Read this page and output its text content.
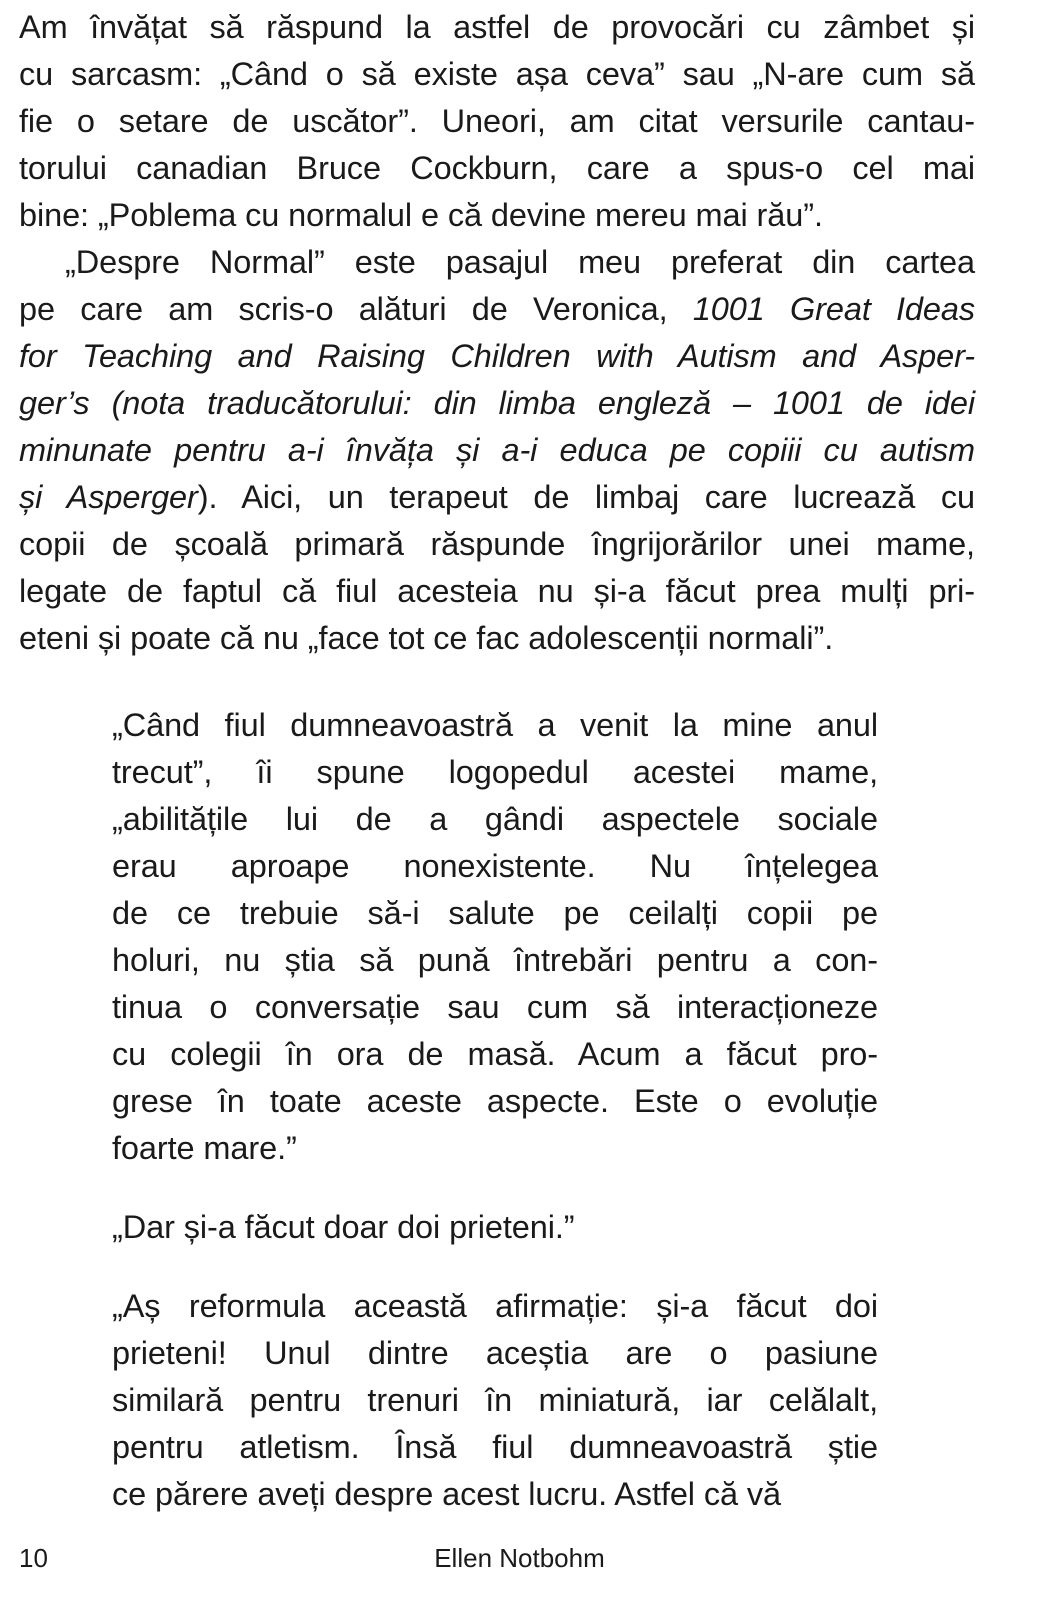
Am învățat să răspund la astfel de provocări cu zâmbet și
cu sarcasm: „Când o să existe așa ceva” sau „N-are cum să
fie o setare de uscător”. Uneori, am citat versurile cantau-
torului canadian Bruce Cockburn, care a spus-o cel mai
bine: „Poblema cu normalul e că devine mereu mai rău”.

„Despre Normal” este pasajul meu preferat din cartea
pe care am scris-o alături de Veronica, 1001 Great Ideas
for Teaching and Raising Children with Autism and Asper-
ger’s (nota traducătorului: din limba engleză – 1001 de idei
minunate pentru a-i învăța și a-i educa pe copiii cu autism
și Asperger). Aici, un terapeut de limbaj care lucrează cu
copii de școală primară răspunde îngrijorărilor unei mame,
legate de faptul că fiul acesteia nu și-a făcut prea mulți pri-
eteni și poate că nu „face tot ce fac adolescenții normali”.

„Când fiul dumneavoastră a venit la mine anul
trecut”, îi spune logopedul acestei mame,
„abilitățile lui de a gândi aspectele sociale
erau aproape nonexistente. Nu înțelegea
de ce trebuie să-i salute pe ceilalți copii pe
holuri, nu știa să pună întrebări pentru a con-
tinua o conversație sau cum să interacționeze
cu colegii în ora de masă. Acum a făcut pro-
grese în toate aceste aspecte. Este o evoluție
foarte mare.”

„Dar și-a făcut doar doi prieteni.”

„Aș reformula această afirmație: și-a făcut doi
prieteni! Unul dintre aceștia are o pasiune
similară pentru trenuri în miniatură, iar celălalt,
pentru atletism. Însă fiul dumneavoastră știe
ce părere aveți despre acest lucru. Astfel că vă

10	Ellen Notbohm
